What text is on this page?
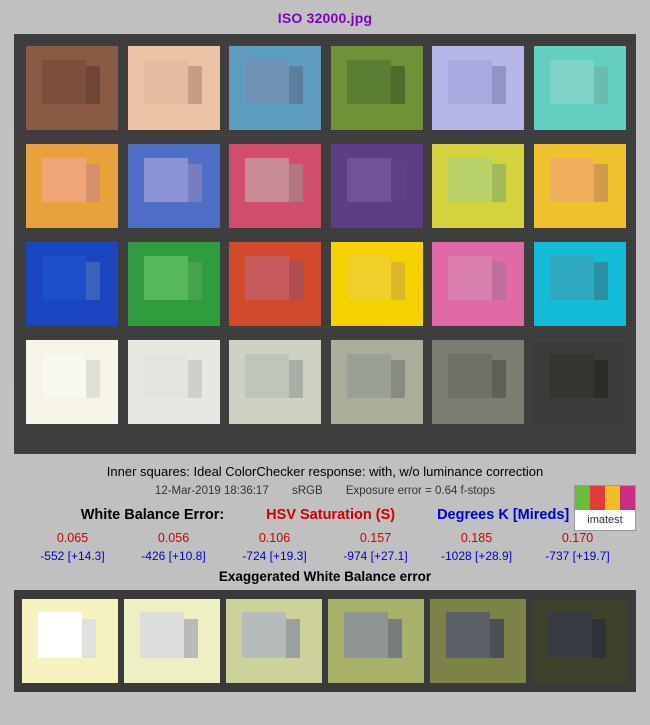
ISO 32000.jpg
Inner squares: Ideal ColorChecker response: with, w/o luminance correction
12-Mar-2019 18:36:17 sRGB Exposure error = 0.64 f-stops
imatest
White Balance Error:	HSV Saturation (S)	Degrees K [Mireds]
0.065	0.056	0.106	0.157	0.185	0.170
-552 [+14.3]	-426 [+10.8]	-724 [+19.3]	-974 [+27.1]	-1028 [+28.9]	-737 [+19.7]
Exaggerated White Balance error
